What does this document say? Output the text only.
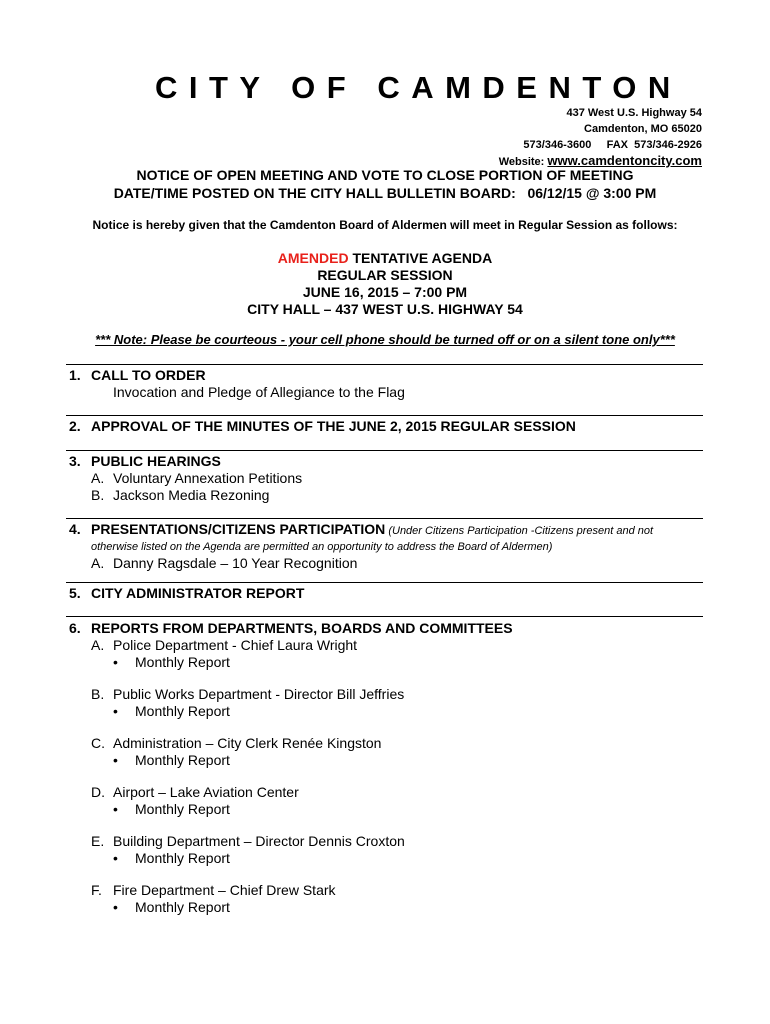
CITY OF CAMDENTON
437 West U.S. Highway 54
Camdenton, MO 65020
573/346-3600     FAX  573/346-2926
Website: www.camdentoncity.com
NOTICE OF OPEN MEETING AND VOTE TO CLOSE PORTION OF MEETING
DATE/TIME POSTED ON THE CITY HALL BULLETIN BOARD:   06/12/15 @ 3:00 PM
Notice is hereby given that the Camdenton Board of Aldermen will meet in Regular Session as follows:
AMENDED TENTATIVE AGENDA
REGULAR SESSION
JUNE 16, 2015 – 7:00 PM
CITY HALL – 437 WEST U.S. HIGHWAY 54
*** Note: Please be courteous - your cell phone should be turned off or on a silent tone only***
1. CALL TO ORDER
Invocation and Pledge of Allegiance to the Flag
2. APPROVAL OF THE MINUTES OF THE JUNE 2, 2015 REGULAR SESSION
3. PUBLIC HEARINGS
A. Voluntary Annexation Petitions
B. Jackson Media Rezoning
4. PRESENTATIONS/CITIZENS PARTICIPATION (Under Citizens Participation -Citizens present and not
otherwise listed on the Agenda are permitted an opportunity to address the Board of Aldermen)
A. Danny Ragsdale – 10 Year Recognition
5. CITY ADMINISTRATOR REPORT
6. REPORTS FROM DEPARTMENTS, BOARDS AND COMMITTEES
A. Police Department - Chief Laura Wright
• Monthly Report
B. Public Works Department - Director Bill Jeffries
• Monthly Report
C. Administration – City Clerk Renée Kingston
• Monthly Report
D. Airport – Lake Aviation Center
• Monthly Report
E. Building Department – Director Dennis Croxton
• Monthly Report
F. Fire Department – Chief Drew Stark
• Monthly Report
